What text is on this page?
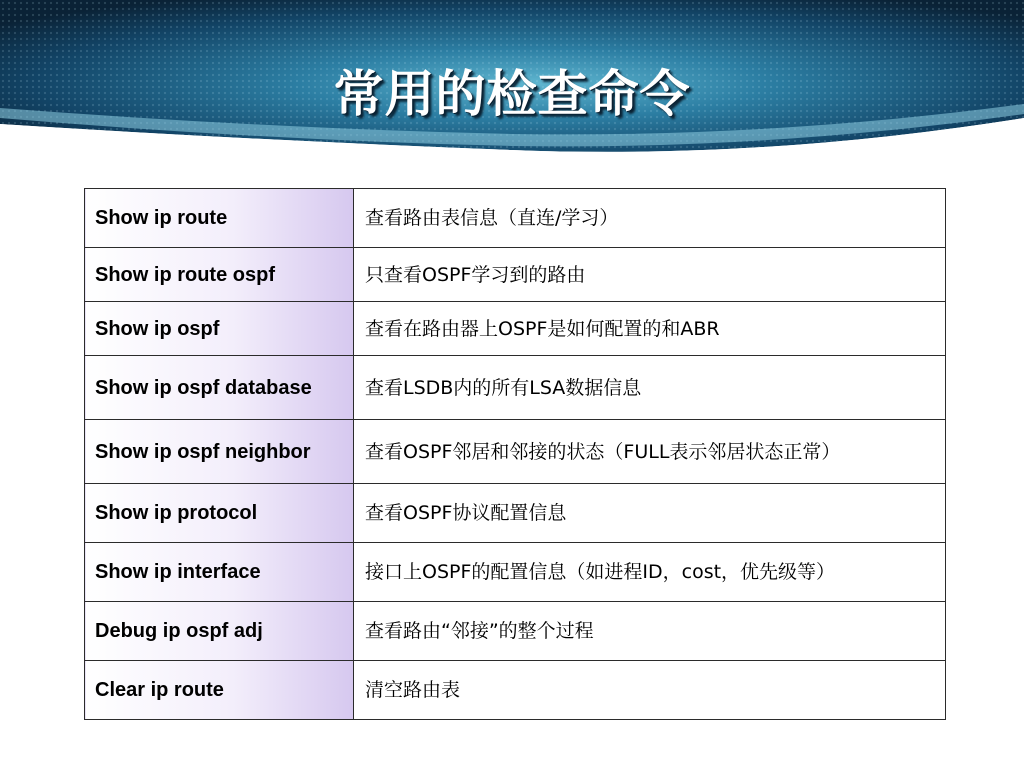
常用的检查命令
Show ip route	查看路由表信息（直连/学习）
Show ip route ospf	只查看OSPF学习到的路由
Show ip ospf	查看在路由器上OSPF是如何配置的和ABR
Show ip ospf database	查看LSDB内的所有LSA数据信息
Show ip ospf neighbor	查看OSPF邻居和邻接的状态（FULL表示邻居状态正常）
Show ip protocol	查看OSPF协议配置信息
Show ip interface	接口上OSPF的配置信息（如进程ID，cost，优先级等）
Debug ip ospf adj	查看路由“邻接”的整个过程
Clear ip route	清空路由表
